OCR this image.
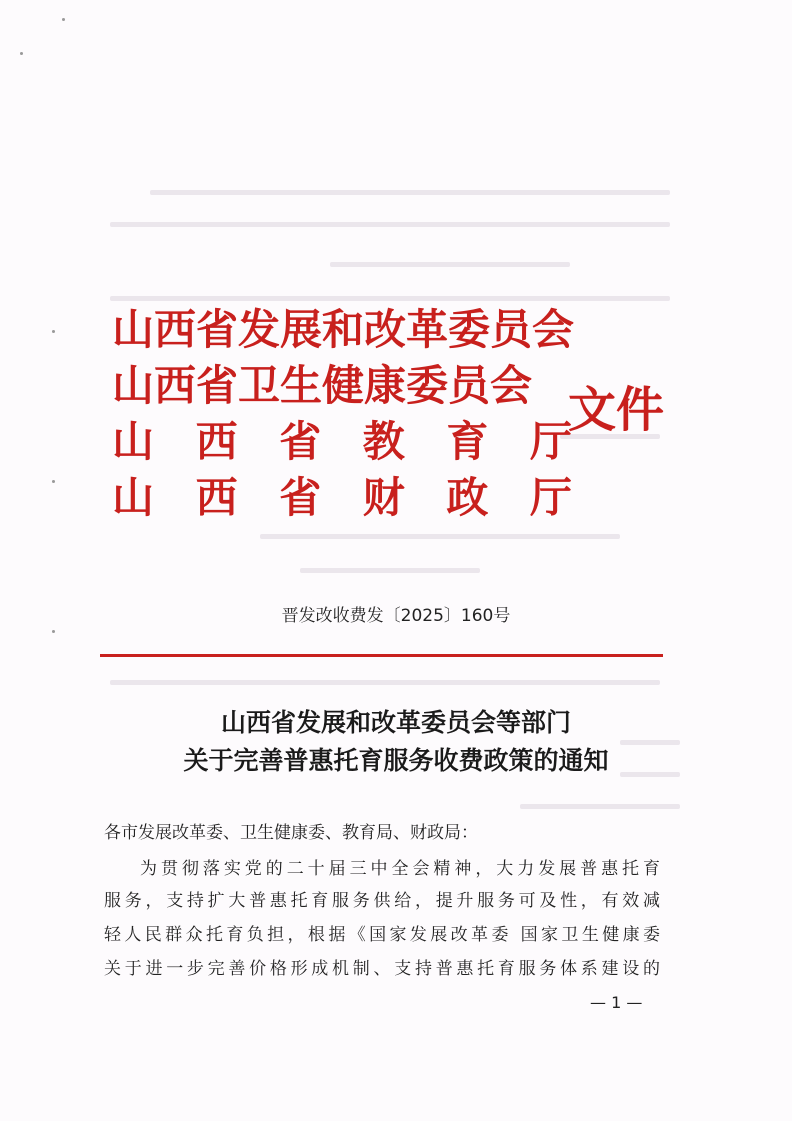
山西省发展和改革委员会
山西省卫生健康委员会
山 西 省 教 育 厅
山 西 省 财 政 厅
文件
晋发改收费发〔2025〕160号
山西省发展和改革委员会等部门
关于完善普惠托育服务收费政策的通知
各市发展改革委、卫生健康委、教育局、财政局：
为贯彻落实党的二十届三中全会精神，大力发展普惠托育
服务，支持扩大普惠托育服务供给，提升服务可及性，有效减
轻人民群众托育负担，根据《国家发展改革委 国家卫生健康委
关于进一步完善价格形成机制、支持普惠托育服务体系建设的
— 1 —
